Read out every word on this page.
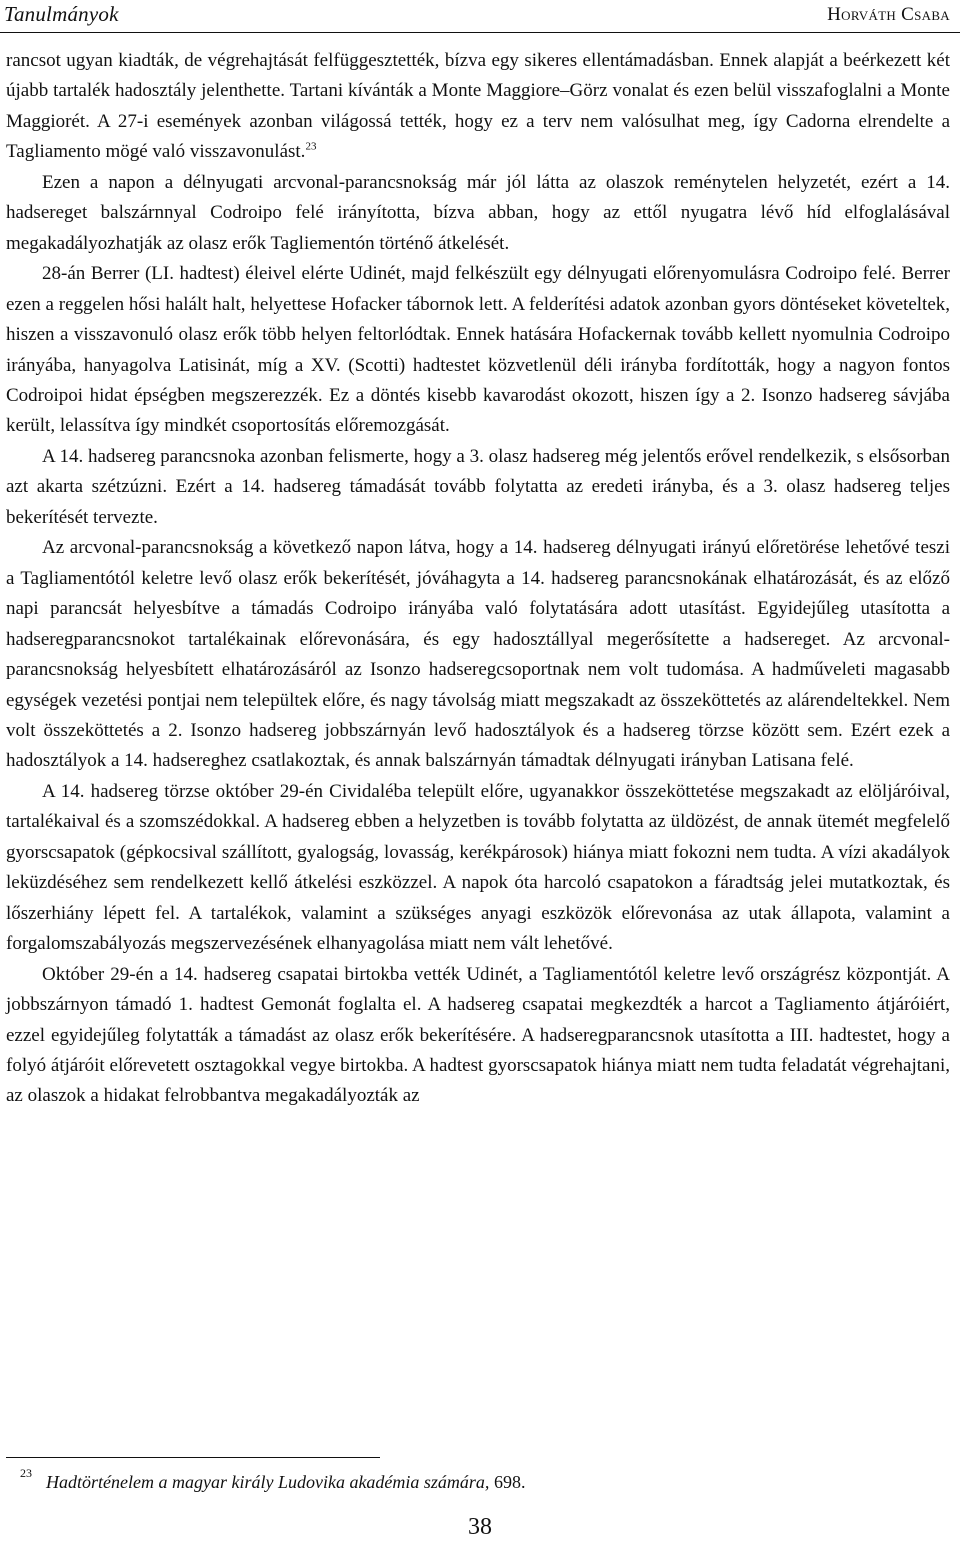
Tanulmányok	Horváth Csaba

rancsot ugyan kiadták, de végrehajtását felfüggesztették, bízva egy sikeres ellentámadásban. Ennek alapját a beérkezett két újabb tartalék hadosztály jelenthette. Tartani kívánták a Monte Maggiore–Görz vonalat és ezen belül visszafoglalni a Monte Maggiorét. A 27-i események azonban világossá tették, hogy ez a terv nem valósulhat meg, így Cadorna elrendelte a Tagliamento mögé való visszavonulást.$^{23}$

Ezen a napon a délnyugati arcvonal-parancsnokság már jól látta az olaszok reménytelen helyzetét, ezért a 14. hadsereget balszárnnyal Codroipo felé irányította, bízva abban, hogy az ettől nyugatra lévő híd elfoglalásával megakadályozhatják az olasz erők Tagliementón történő átkelését.

28-án Berrer (LI. hadtest) éleivel elérte Udinét, majd felkészült egy délnyugati előrenyomulásra Codroipo felé. Berrer ezen a reggelen hősi halált halt, helyettese Hofacker tábornok lett. A felderítési adatok azonban gyors döntéseket követeltek, hiszen a visszavonuló olasz erők több helyen feltorlódtak. Ennek hatására Hofackernak tovább kellett nyomulnia Codroipo irányába, hanyagolva Latisinát, míg a XV. (Scotti) hadtestet közvetlenül déli irányba fordították, hogy a nagyon fontos Codroipoi hidat épségben megszerezzék. Ez a döntés kisebb kavarodást okozott, hiszen így a 2. Isonzo hadsereg sávjába került, lelassítva így mindkét csoportosítás előremozgását.

A 14. hadsereg parancsnoka azonban felismerte, hogy a 3. olasz hadsereg még jelentős erővel rendelkezik, s elsősorban azt akarta szétzúzni. Ezért a 14. hadsereg támadását tovább folytatta az eredeti irányba, és a 3. olasz hadsereg teljes bekerítését tervezte.

Az arcvonal-parancsnokság a következő napon látva, hogy a 14. hadsereg délnyugati irányú előretörése lehetővé teszi a Tagliamentótól keletre levő olasz erők bekerítését, jóváhagyta a 14. hadsereg parancsnokának elhatározását, és az előző napi parancsát helyesbítve a támadás Codroipo irányába való folytatására adott utasítást. Egyidejűleg utasította a hadseregparancsnokot tartalékainak előrevonására, és egy hadosztállyal megerősítette a hadsereget. Az arcvonal-parancsnokság helyesbített elhatározásáról az Isonzo hadseregcsoportnak nem volt tudomása. A hadműveleti magasabb egységek vezetési pontjai nem települtek előre, és nagy távolság miatt megszakadt az összeköttetés az alárendeltekkel. Nem volt összeköttetés a 2. Isonzo hadsereg jobbszárnyán levő hadosztályok és a hadsereg törzse között sem. Ezért ezek a hadosztályok a 14. hadsereghez csatlakoztak, és annak balszárnyán támadtak délnyugati irányban Latisana felé.

A 14. hadsereg törzse október 29-én Cividaléba települt előre, ugyanakkor összeköttetése megszakadt az elöljáróival, tartalékaival és a szomszédokkal. A hadsereg ebben a helyzetben is tovább folytatta az üldözést, de annak ütemét megfelelő gyorscsapatok (gépkocsival szállított, gyalogság, lovasság, kerékpárosok) hiánya miatt fokozni nem tudta. A vízi akadályok leküzdéséhez sem rendelkezett kellő átkelési eszközzel. A napok óta harcoló csapatokon a fáradtság jelei mutatkoztak, és lőszerhiány lépett fel. A tartalékok, valamint a szükséges anyagi eszközök előrevonása az utak állapota, valamint a forgalomszabályozás megszervezésének elhanyagolása miatt nem vált lehetővé.

Október 29-én a 14. hadsereg csapatai birtokba vették Udinét, a Tagliamentótól keletre levő országrész központját. A jobbszárnyon támadó 1. hadtest Gemonát foglalta el. A hadsereg csapatai megkezdték a harcot a Tagliamento átjáróiért, ezzel egyidejűleg folytatták a támadást az olasz erők bekerítésére. A hadseregparancsnok utasította a III. hadtestet, hogy a folyó átjáróit előrevetett osztagokkal vegye birtokba. A hadtest gyorscsapatok hiánya miatt nem tudta feladatát végrehajtani, az olaszok a hidakat felrobbantva megakadályozták az

23 Hadtörténelem a magyar király Ludovika akadémia számára, 698.
38
